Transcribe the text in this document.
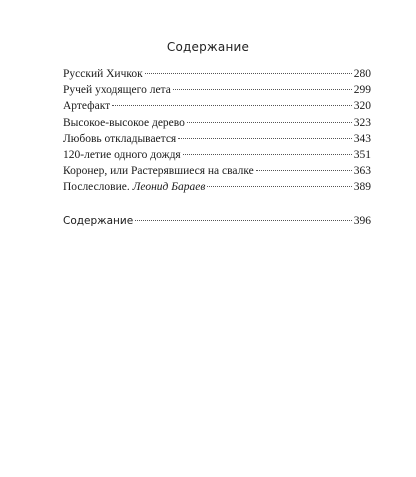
Содержание
Русский Хичкок	280
Ручей уходящего лета	299
Артефакт	320
Высокое-высокое дерево	323
Любовь откладывается	343
120-летие одного дождя	351
Коронер, или Растерявшиеся на свалке	363
Послесловие. Леонид Бараев	389
Содержание	396
